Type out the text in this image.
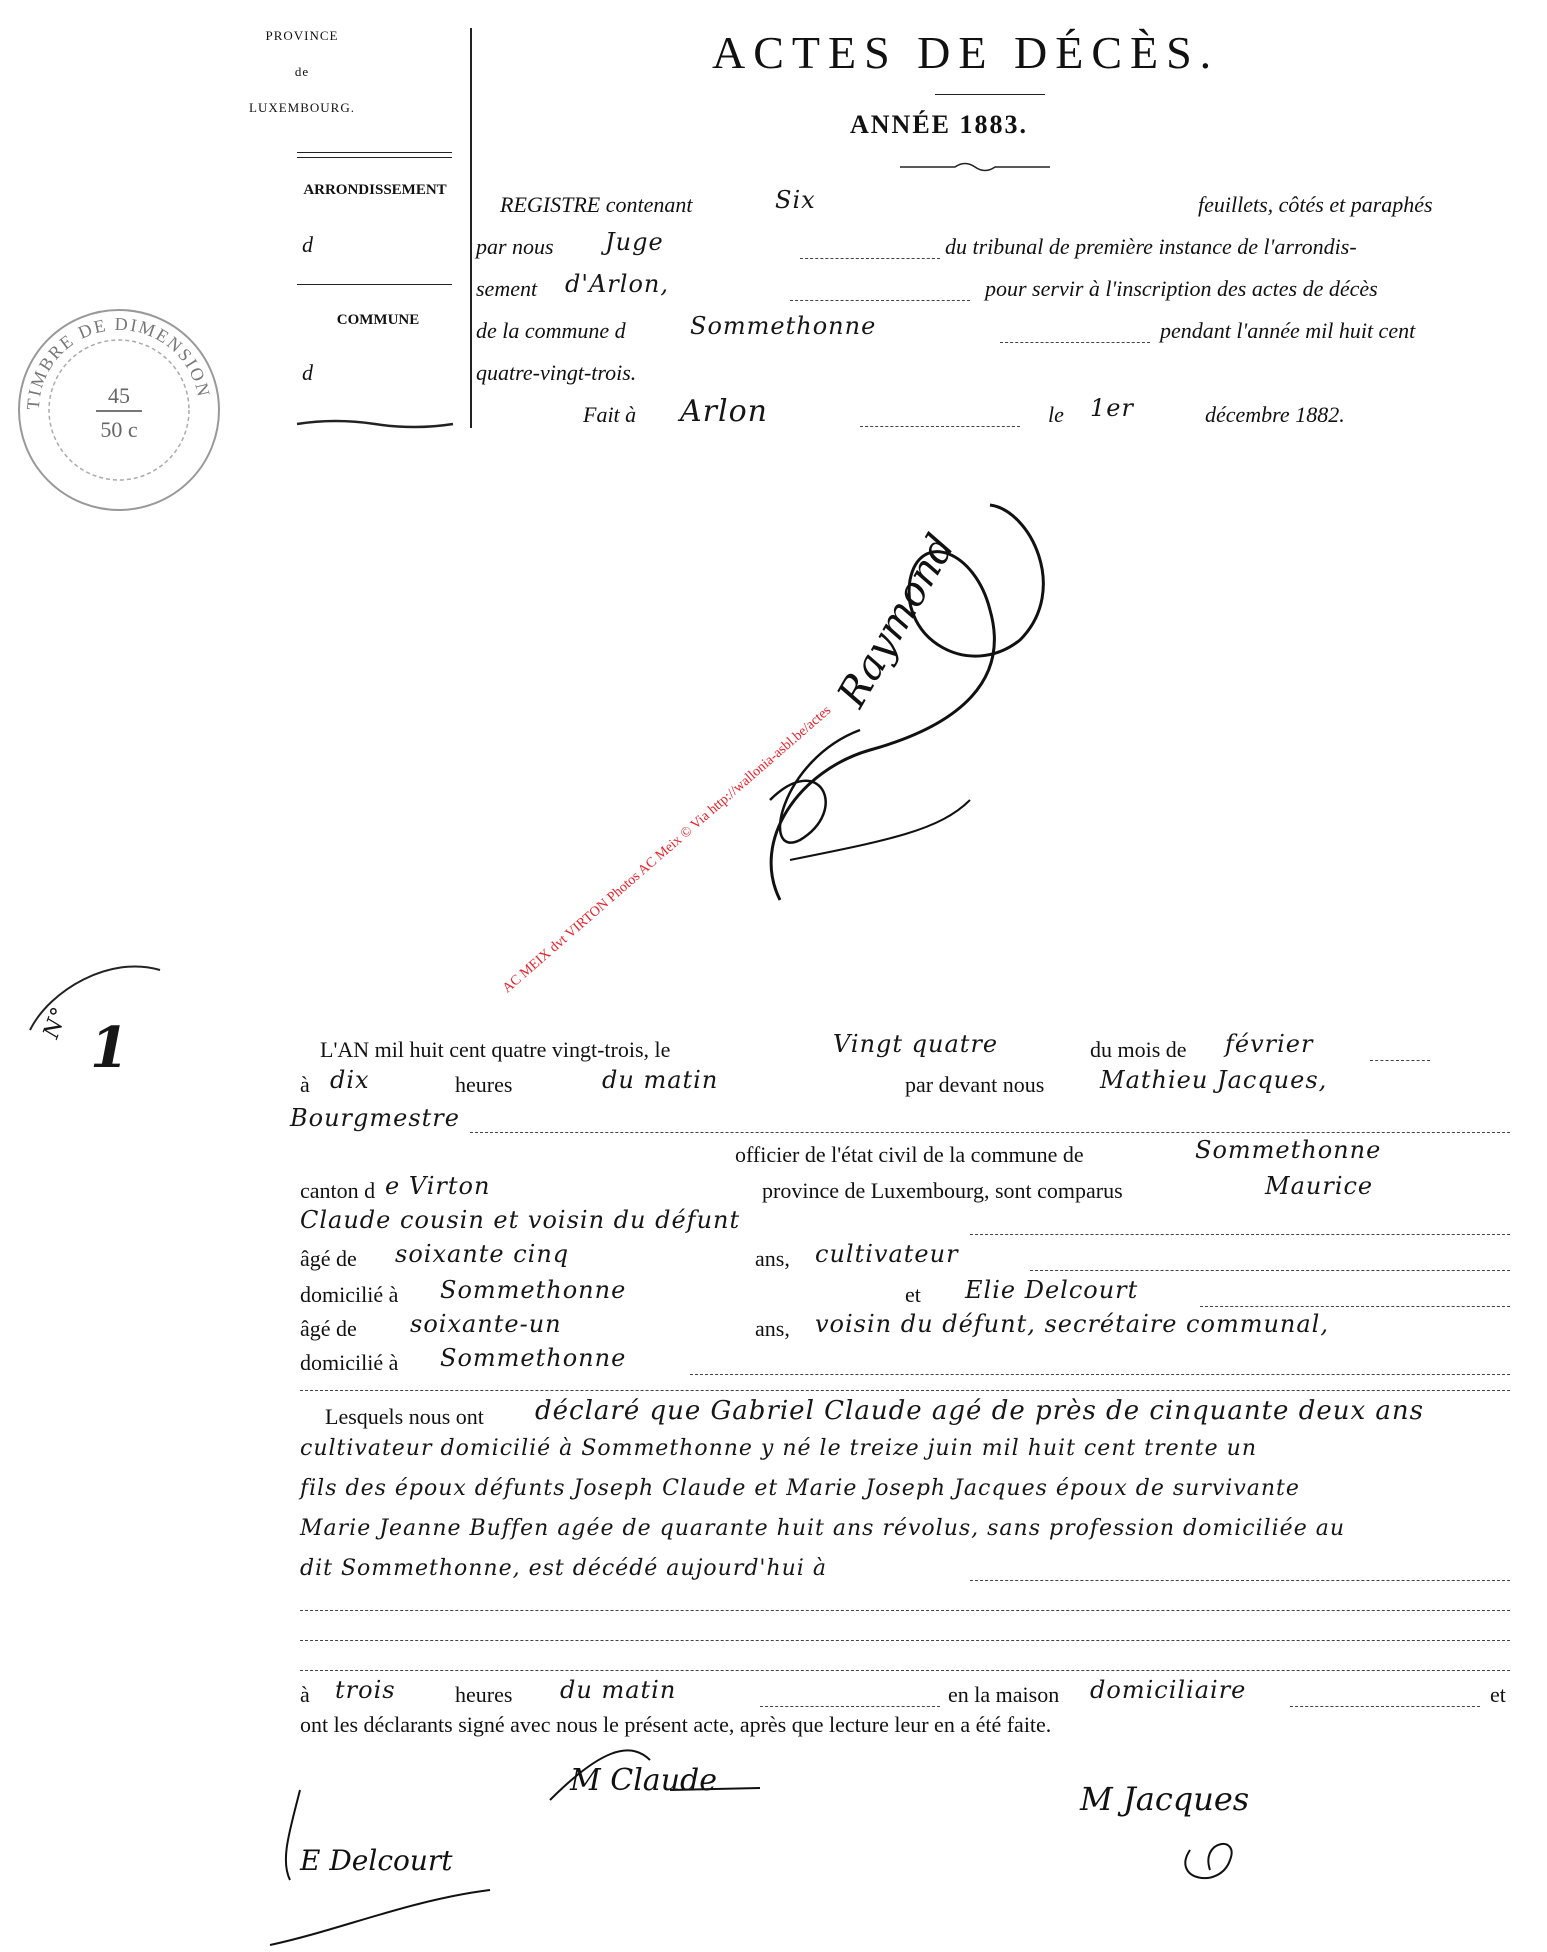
PROVINCE
de
LUXEMBOURG.
ARRONDISSEMENT
d
COMMUNE
d
TIMBRE DE DIMENSION
45
50 c
ACTES DE DÉCÈS.
ANNÉE 1883.
REGISTRE contenant	Six	feuillets, côtés et paraphés
par nous Juge	du tribunal de première instance de l'arrondis-
sement d'Arlon,	pour servir à l'inscription des actes de décès
de la commune d	Sommethonne	pendant l'année mil huit cent
quatre-vingt-trois.
Fait à Arlon	le 1er	décembre 1882.
Raymond
AC MEIX dvt VIRTON Photos AC Meix © Via http://wallonia-asbl.be/actes
N° 1	L'AN mil huit cent quatre vingt-trois, le	Vingt quatre	du mois de février
à dix	heures	du matin	par devant nous Mathieu Jacques,
Bourgmestre
officier de l'état civil de la commune de	Sommethonne
canton d e Virton	province de Luxembourg, sont comparus	Maurice
Claude cousin et voisin du défunt
âgé de soixante cinq	ans, cultivateur
domicilié à Sommethonne	et Elie Delcourt
âgé de soixante-un	ans, voisin du défunt, secrétaire communal,
domicilié à Sommethonne
Lesquels nous ont déclaré que Gabriel Claude agé de près de cinquante deux ans
cultivateur domicilié à Sommethonne y né le treize juin mil huit cent trente un
fils des époux défunts Joseph Claude et Marie Joseph Jacques époux de survivante
Marie Jeanne Buffen agée de quarante huit ans révolus, sans profession domiciliée au
dit Sommethonne, est décédé aujourd'hui à
à trois	heures du matin	en la maison domiciliaire	et
ont les déclarants signé avec nous le présent acte, après que lecture leur en a été faite.
E Delcourt
M Claude	M Jacques
